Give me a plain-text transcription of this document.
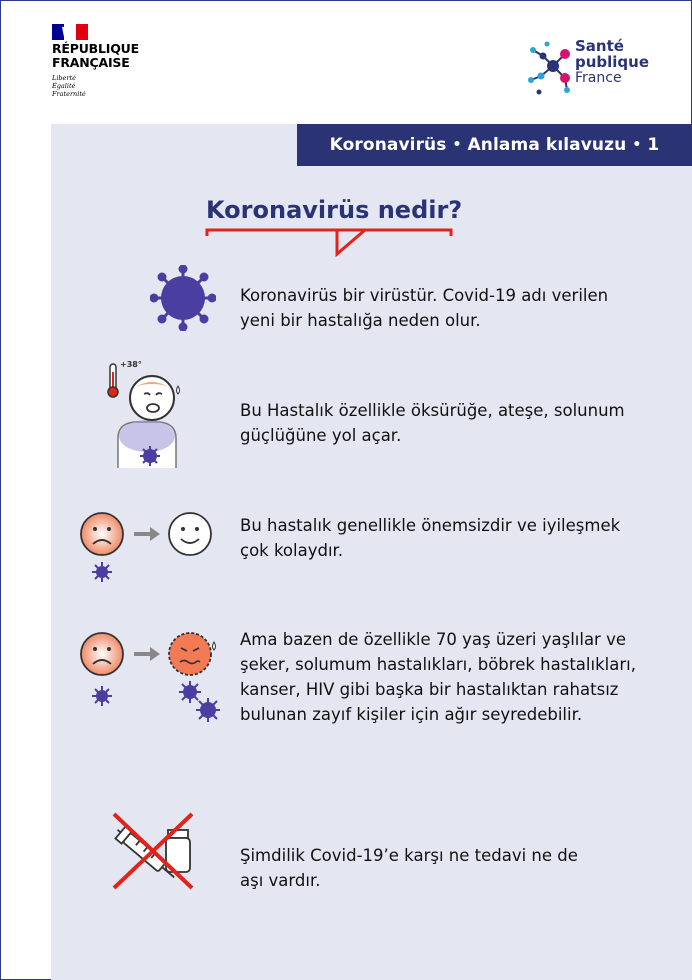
RÉPUBLIQUE
FRANÇAISE
Liberté
Égalité
Fraternité
Santé
publique
France
Koronavirüs • Anlama kılavuzu • 1
Koronavirüs nedir?
Koronavirüs bir virüstür. Covid-19 adı verilen
yeni bir hastalığa neden olur.
+38°
Bu Hastalık özellikle öksürüğe, ateşe, solunum
güçlüğüne yol açar.
Bu hastalık genellikle önemsizdir ve iyileşmek
çok kolaydır.
Ama bazen de özellikle 70 yaş üzeri yaşlılar ve
şeker, solumum hastalıkları, böbrek hastalıkları,
kanser, HIV gibi başka bir hastalıktan rahatsız
bulunan zayıf kişiler için ağır seyredebilir.
Şimdilik Covid-19’e karşı ne tedavi ne de
aşı vardır.
